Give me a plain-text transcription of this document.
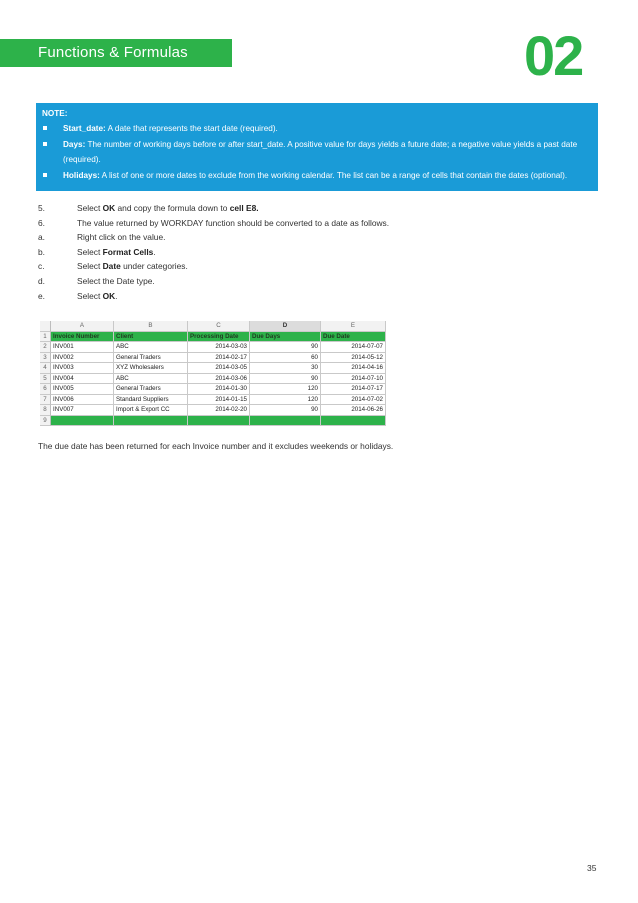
Functions & Formulas	02
NOTE:
Start_date: A date that represents the start date (required).
Days: The number of working days before or after start_date. A positive value for days yields a future date; a negative value yields a past date (required).
Holidays: A list of one or more dates to exclude from the working calendar. The list can be a range of cells that contain the dates (optional).
5.	Select OK and copy the formula down to cell E8.
6.	The value returned by WORKDAY function should be converted to a date as follows.
a.	Right click on the value.
b.	Select Format Cells.
c.	Select Date under categories.
d.	Select the Date type.
e.	Select OK.
A	B	C	D	E
1	Invoice Number	Client	Processing Date	Due Days	Due Date
2	INV001	ABC	2014-03-03	90	2014-07-07
3	INV002	General Traders	2014-02-17	60	2014-05-12
4	INV003	XYZ Wholesalers	2014-03-05	30	2014-04-16
5	INV004	ABC	2014-03-06	90	2014-07-10
6	INV005	General Traders	2014-01-30	120	2014-07-17
7	INV006	Standard Suppliers	2014-01-15	120	2014-07-02
8	INV007	Import & Export CC	2014-02-20	90	2014-06-26
9
The due date has been returned for each Invoice number and it excludes weekends or holidays.
35
